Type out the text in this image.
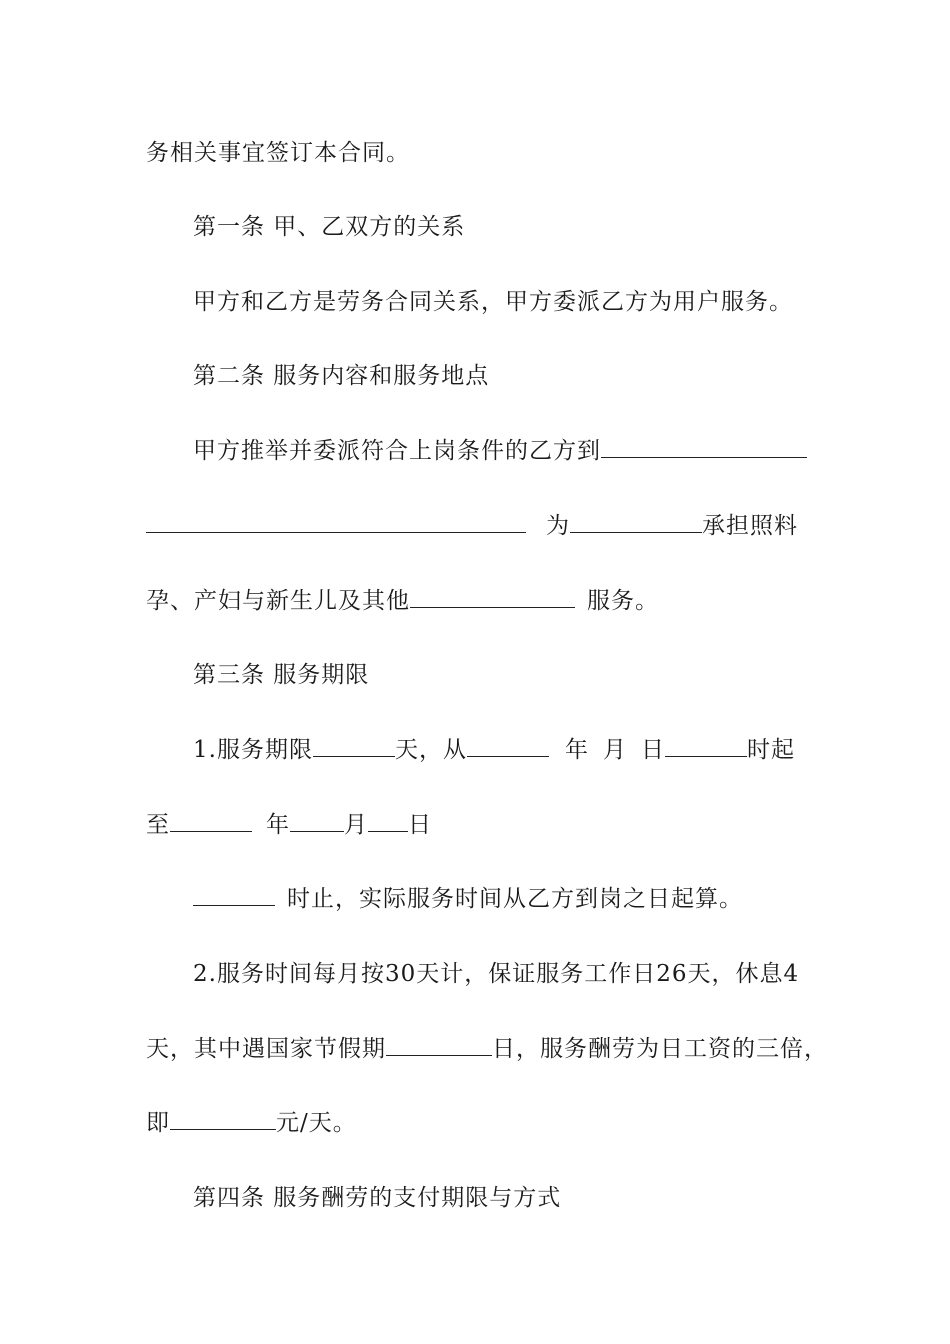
务相关事宜签订本合同。
第一条 甲、乙双方的关系
甲方和乙方是劳务合同关系，甲方委派乙方为用户服务。
第二条 服务内容和服务地点
甲方推举并委派符合上岗条件的乙方到
为	承担照料
孕、产妇与新生儿及其他	服务。
第三条 服务期限
1.服务期限	天，从	年 月 日	时起
至	年 月 日
时止，实际服务时间从乙方到岗之日起算。
2.服务时间每月按30天计，保证服务工作日26天，休息4
天，其中遇国家节假期	日，服务酬劳为日工资的三倍，
即	元/天。
第四条 服务酬劳的支付期限与方式
